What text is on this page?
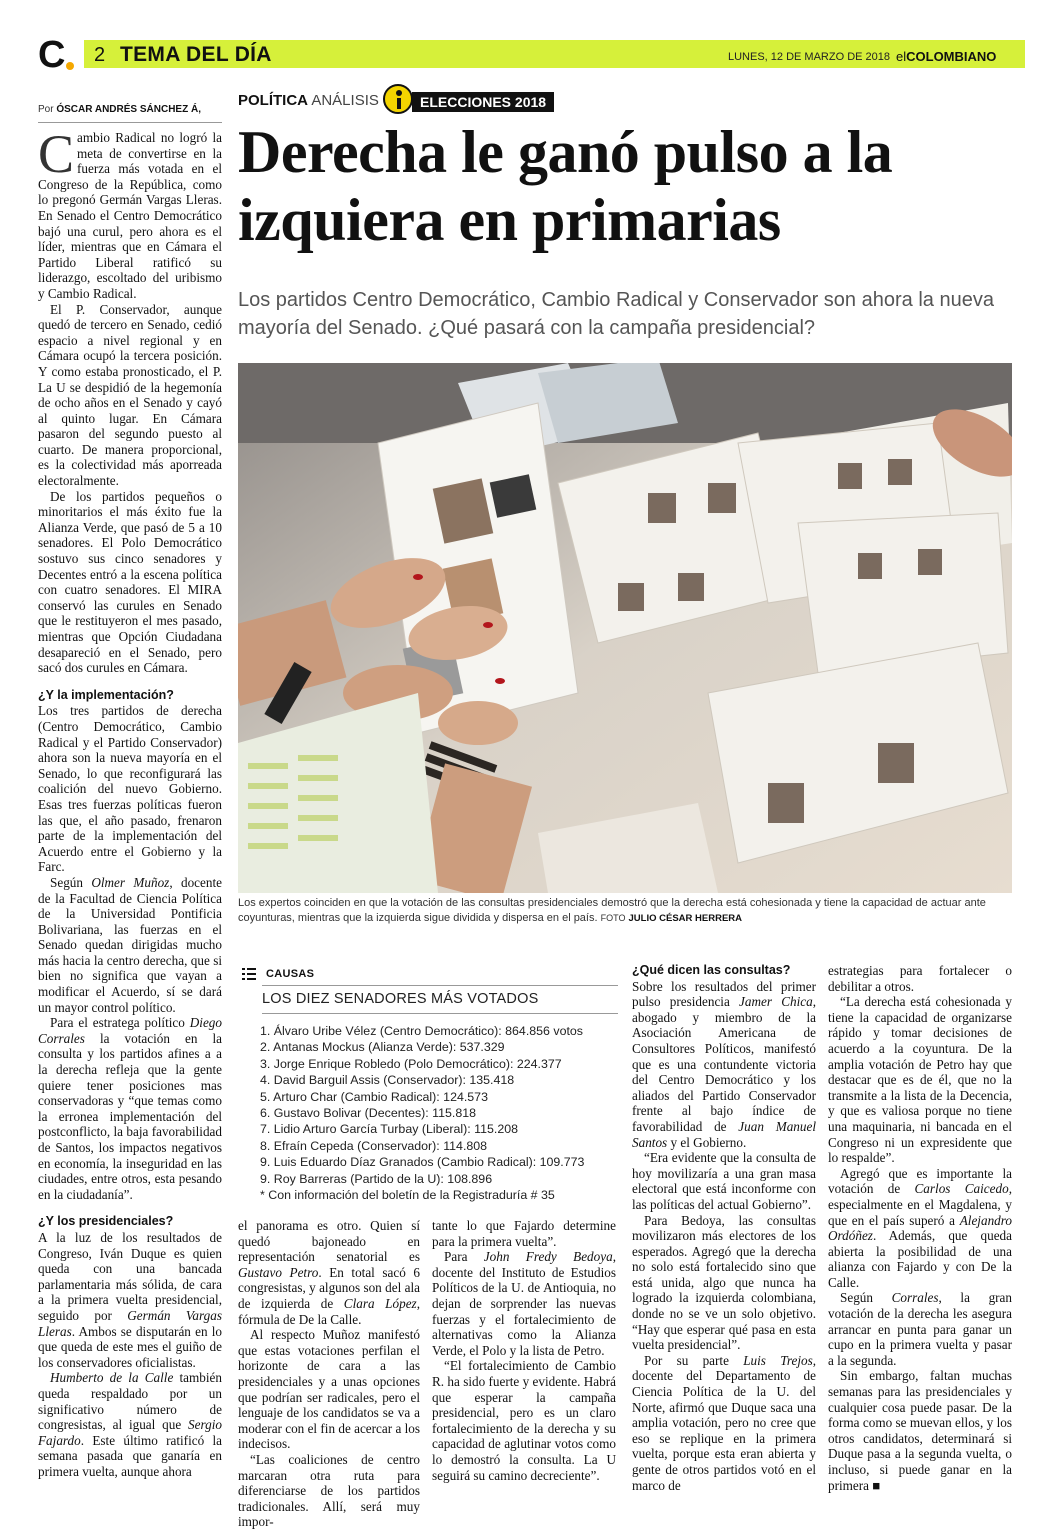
C 2 TEMA DEL DÍA	LUNES, 12 DE MARZO DE 2018 elCOLOMBIANO
Por ÓSCAR ANDRÉS SÁNCHEZ Á,
POLÍTICA ANÁLISIS	ELECCIONES 2018
Derecha le ganó pulso a la izquiera en primarias

Los partidos Centro Democrático, Cambio Radical y Conservador son ahora la nueva mayoría del Senado. ¿Qué pasará con la campaña presidencial?

Los expertos coinciden en que la votación de las consultas presidenciales demostró que la derecha está cohesionada y tiene la capacidad de actuar ante coyunturas, mientras que la izquierda sigue dividida y dispersa en el país. FOTO JULIO CÉSAR HERRERA

Cambio Radical no logró la meta de convertirse en la fuerza más votada en el Congreso de la República, como lo pregonó Germán Vargas Lleras. En Senado el Centro Democrático bajó una curul, pero ahora es el líder, mientras que en Cámara el Partido Liberal ratificó su liderazgo, escoltado del uribismo y Cambio Radical.

El P. Conservador, aunque quedó de tercero en Senado, cedió espacio a nivel regional y en Cámara ocupó la tercera posición. Y como estaba pronosticado, el P. La U se despidió de la hegemonía de ocho años en el Senado y cayó al quinto lugar. En Cámara pasaron del segundo puesto al cuarto. De manera proporcional, es la colectividad más aporreada electoralmente.

De los partidos pequeños o minoritarios el más éxito fue la Alianza Verde, que pasó de 5 a 10 senadores. El Polo Democrático sostuvo sus cinco senadores y Decentes entró a la escena política con cuatro senadores. El MIRA conservó las curules en Senado que le restituyeron el mes pasado, mientras que Opción Ciudadana desapareció en el Senado, pero sacó dos curules en Cámara.

¿Y la implementación?

Los tres partidos de derecha (Centro Democrático, Cambio Radical y el Partido Conservador) ahora son la nueva mayoría en el Senado, lo que reconfigurará las coalición del nuevo Gobierno. Esas tres fuerzas políticas fueron las que, el año pasado, frenaron parte de la implementación del Acuerdo entre el Gobierno y la Farc.

Según Olmer Muñoz, docente de la Facultad de Ciencia Política de la Universidad Pontificia Bolivariana, las fuerzas en el Senado quedan dirigidas mucho más hacia la centro derecha, que si bien no significa que vayan a modificar el Acuerdo, sí se dará un mayor control político.

Para el estratega político Diego Corrales la votación en la consulta y los partidos afines a a la derecha refleja que la gente quiere tener posiciones mas conservadoras y “que temas como la erronea implementación del postconflicto, la baja favorabilidad de Santos, los impactos negativos en economía, la inseguridad en las ciudades, entre otros, esta pesando en la ciudadanía”.

¿Y los presidenciales?

A la luz de los resultados de Congreso, Iván Duque es quien queda con una bancada parlamentaria más sólida, de cara a la primera vuelta presidencial, seguido por Germán Vargas Lleras. Ambos se disputarán en lo que queda de este mes el guiño de los conservadores oficialistas.

Humberto de la Calle también queda respaldado por un significativo número de congresistas, al igual que Sergio Fajardo. Este último ratificó la semana pasada que ganaría en primera vuelta, aunque ahora

CAUSAS
LOS DIEZ SENADORES MÁS VOTADOS
1. Álvaro Uribe Vélez (Centro Democrático): 864.856 votos
2. Antanas Mockus (Alianza Verde): 537.329
3. Jorge Enrique Robledo (Polo Democrático): 224.377
4. David Barguil Assis (Conservador): 135.418
5. Arturo Char (Cambio Radical): 124.573
6. Gustavo Bolivar (Decentes): 115.818
7. Lidio Arturo García Turbay (Liberal): 115.208
8. Efraín Cepeda (Conservador): 114.808
9. Luis Eduardo Díaz Granados (Cambio Radical): 109.773
9. Roy Barreras (Partido de la U): 108.896
* Con información del boletín de la Registraduría # 35

el panorama es otro. Quien sí quedó bajoneado en representación senatorial es Gustavo Petro. En total sacó 6 congresistas, y algunos son del ala de izquierda de Clara López, fórmula de De la Calle.

Al respecto Muñoz manifestó que estas votaciones perfilan el horizonte de cara a las presidenciales y a unas opciones que podrían ser radicales, pero el lenguaje de los candidatos se va a moderar con el fin de acercar a los indecisos.

“Las coaliciones de centro marcaran otra ruta para diferenciarse de los partidos tradicionales. Allí, será muy impor-

tante lo que Fajardo determine para la primera vuelta”.

Para John Fredy Bedoya, docente del Instituto de Estudios Políticos de la U. de Antioquia, no dejan de sorprender las nuevas fuerzas y el fortalecimiento de alternativas como la Alianza Verde, el Polo y la lista de Petro.

“El fortalecimiento de Cambio R. ha sido fuerte y evidente. Habrá que esperar la campaña presidencial, pero es un claro fortalecimiento de la derecha y su capacidad de aglutinar votos como lo demostró la consulta. La U seguirá su camino decreciente”.

¿Qué dicen las consultas?

Sobre los resultados del primer pulso presidencia Jamer Chica, abogado y miembro de la Asociación Americana de Consultores Políticos, manifestó que es una contundente victoria del Centro Democrático y los aliados del Partido Conservador frente al bajo índice de favorabilidad de Juan Manuel Santos y el Gobierno.

“Era evidente que la consulta de hoy movilizaría a una gran masa electoral que está inconforme con las políticas del actual Gobierno”.

Para Bedoya, las consultas movilizaron más electores de los esperados. Agregó que la derecha no solo está fortalecido sino que está unida, algo que nunca ha logrado la izquierda colombiana, donde no se ve un solo objetivo. “Hay que esperar qué pasa en esta vuelta presidencial”.

Por su parte Luis Trejos, docente del Departamento de Ciencia Política de la U. del Norte, afirmó que Duque saca una amplia votación, pero no cree que eso se replique en la primera vuelta, porque esta eran abierta y gente de otros partidos votó en el marco de

estrategias para fortalecer o debilitar a otros.

“La derecha está cohesionada y tiene la capacidad de organizarse rápido y tomar decisiones de acuerdo a la coyuntura. De la amplia votación de Petro hay que destacar que es de él, que no la transmite a la lista de la Decencia, y que es valiosa porque no tiene una maquinaria, ni bancada en el Congreso ni un expresidente que lo respalde”.

Agregó que es importante la votación de Carlos Caicedo, especialmente en el Magdalena, y que en el país superó a Alejandro Ordóñez. Además, que queda abierta la posibilidad de una alianza con Fajardo y con De la Calle.

Según Corrales, la gran votación de la derecha les asegura arrancar en punta para ganar un cupo en la primera vuelta y pasar a la segunda.

Sin embargo, faltan muchas semanas para las presidenciales y cualquier cosa puede pasar. De la forma como se muevan ellos, y los otros candidatos, determinará si Duque pasa a la segunda vuelta, o incluso, si puede ganar en la primera ■
